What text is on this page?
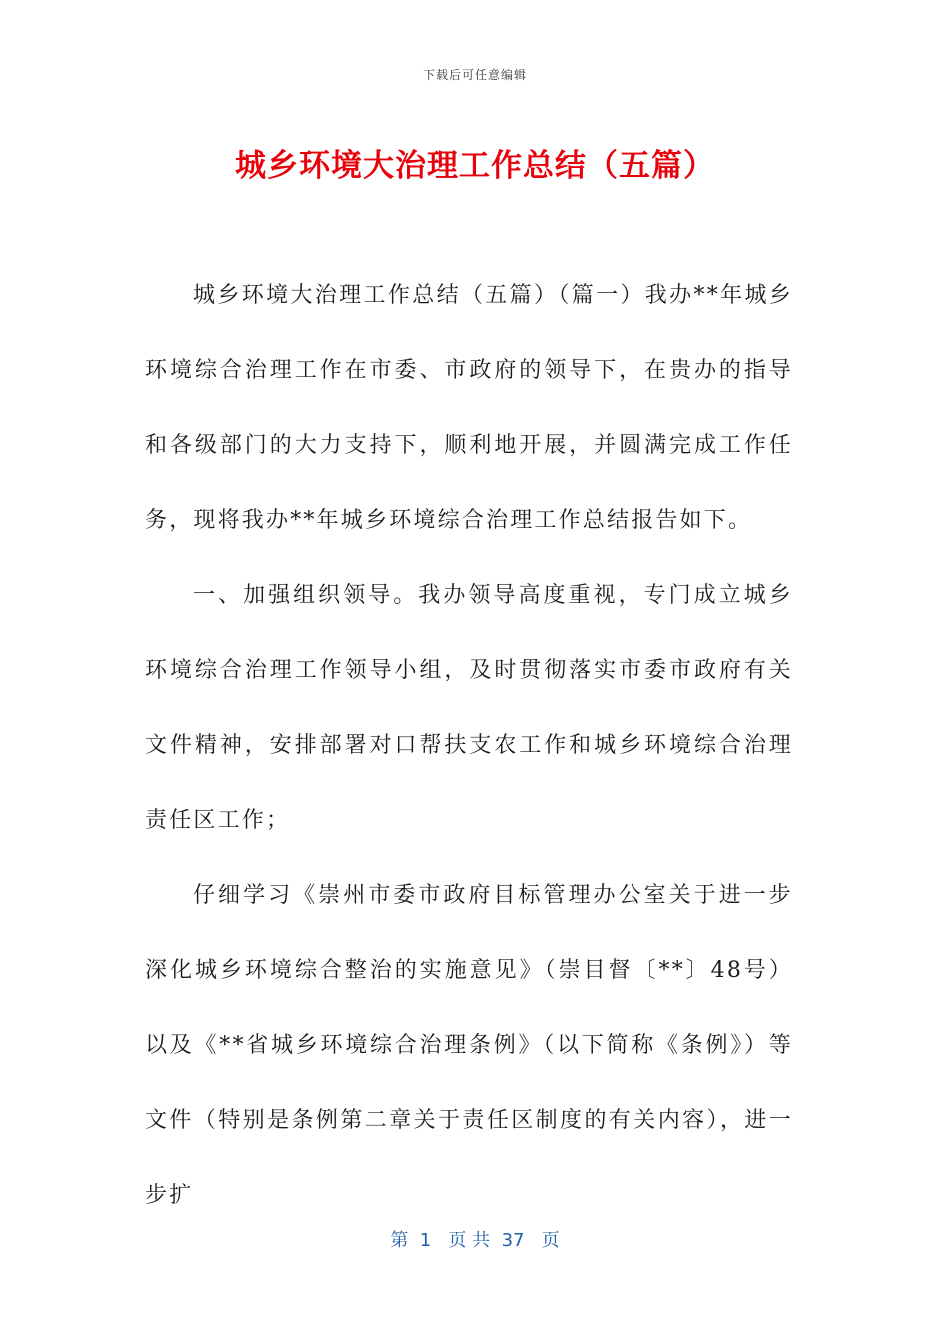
下载后可任意编辑
城乡环境大治理工作总结（五篇）

城乡环境大治理工作总结（五篇）（篇一）我办**年城乡环境综合治理工作在市委、市政府的领导下，在贵办的指导和各级部门的大力支持下，顺利地开展，并圆满完成工作任务，现将我办**年城乡环境综合治理工作总结报告如下。

一、加强组织领导。我办领导高度重视，专门成立城乡环境综合治理工作领导小组，及时贯彻落实市委市政府有关文件精神，安排部署对口帮扶支农工作和城乡环境综合治理责任区工作；

仔细学习《崇州市委市政府目标管理办公室关于进一步深化城乡环境综合整治的实施意见》（崇目督〔**〕48号）以及《**省城乡环境综合治理条例》（以下简称《条例》）等文件（特别是条例第二章关于责任区制度的有关内容），进一步扩

第  1   页 共  37   页
